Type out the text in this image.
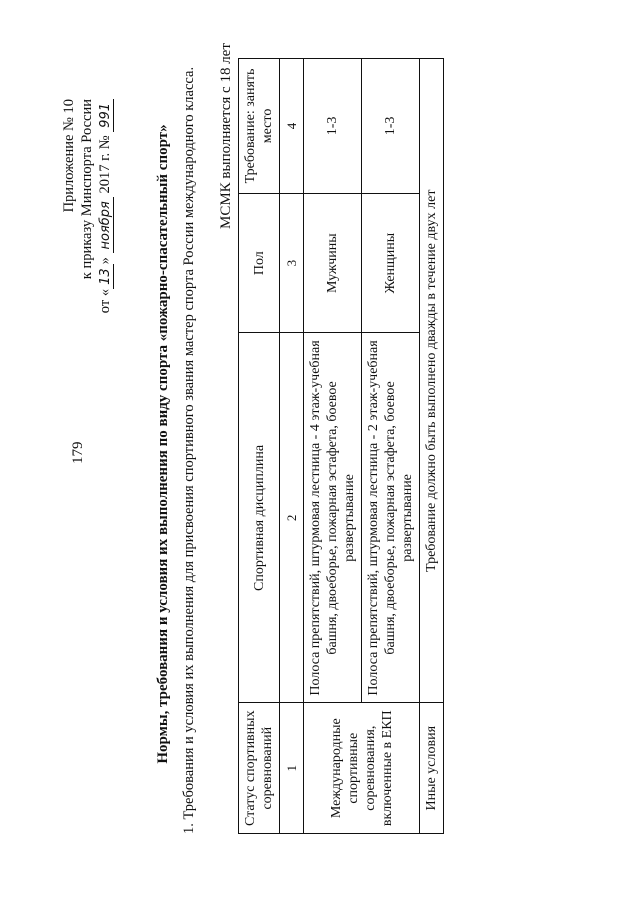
179
Приложение № 10 к приказу Минспорта России
от «13» ноября 2017 г. № 991
Нормы, требования и условия их выполнения по виду спорта «пожарно-спасательный спорт» 1. Требования и условия их выполнения для присвоения спортивного звания мастер спорта России международного класса. МСМК выполняется с 18 лет
Статус спортивных соревнований	Спортивная дисциплина	Пол	Требование: занять место
1	2	3	4
Международные спортивные соревнования, включенные в ЕКП	Полоса препятствий, штурмовая лестница - 4 этаж-учебная башня, двоеборье, пожарная эстафета, боевое развертывание	Мужчины	1-3
	Полоса препятствий, штурмовая лестница - 2 этаж-учебная башня, двоеборье, пожарная эстафета, боевое развертывание	Женщины	1-3
Иные условия	Требование должно быть выполнено дважды в течение двух лет		
